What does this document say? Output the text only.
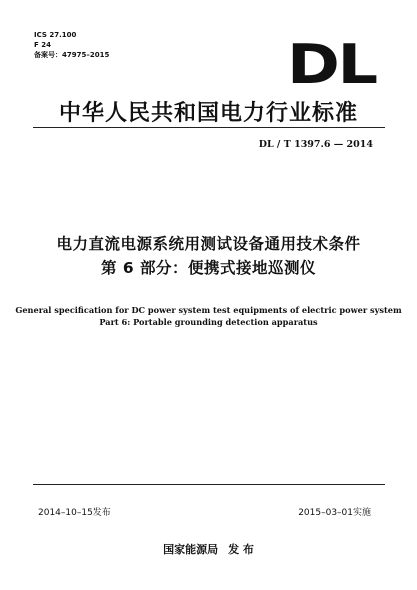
ICS 27.100
F 24
备案号：47975–2015	DL
中华人民共和国电力行业标准
DL / T 1397.6 — 2014
电力直流电源系统用测试设备通用技术条件
第 6 部分：便携式接地巡测仪
General specification for DC power system test equipments of electric power system
Part 6: Portable grounding detection apparatus
2014–10–15发布	2015–03–01实施
国家能源局 发 布
